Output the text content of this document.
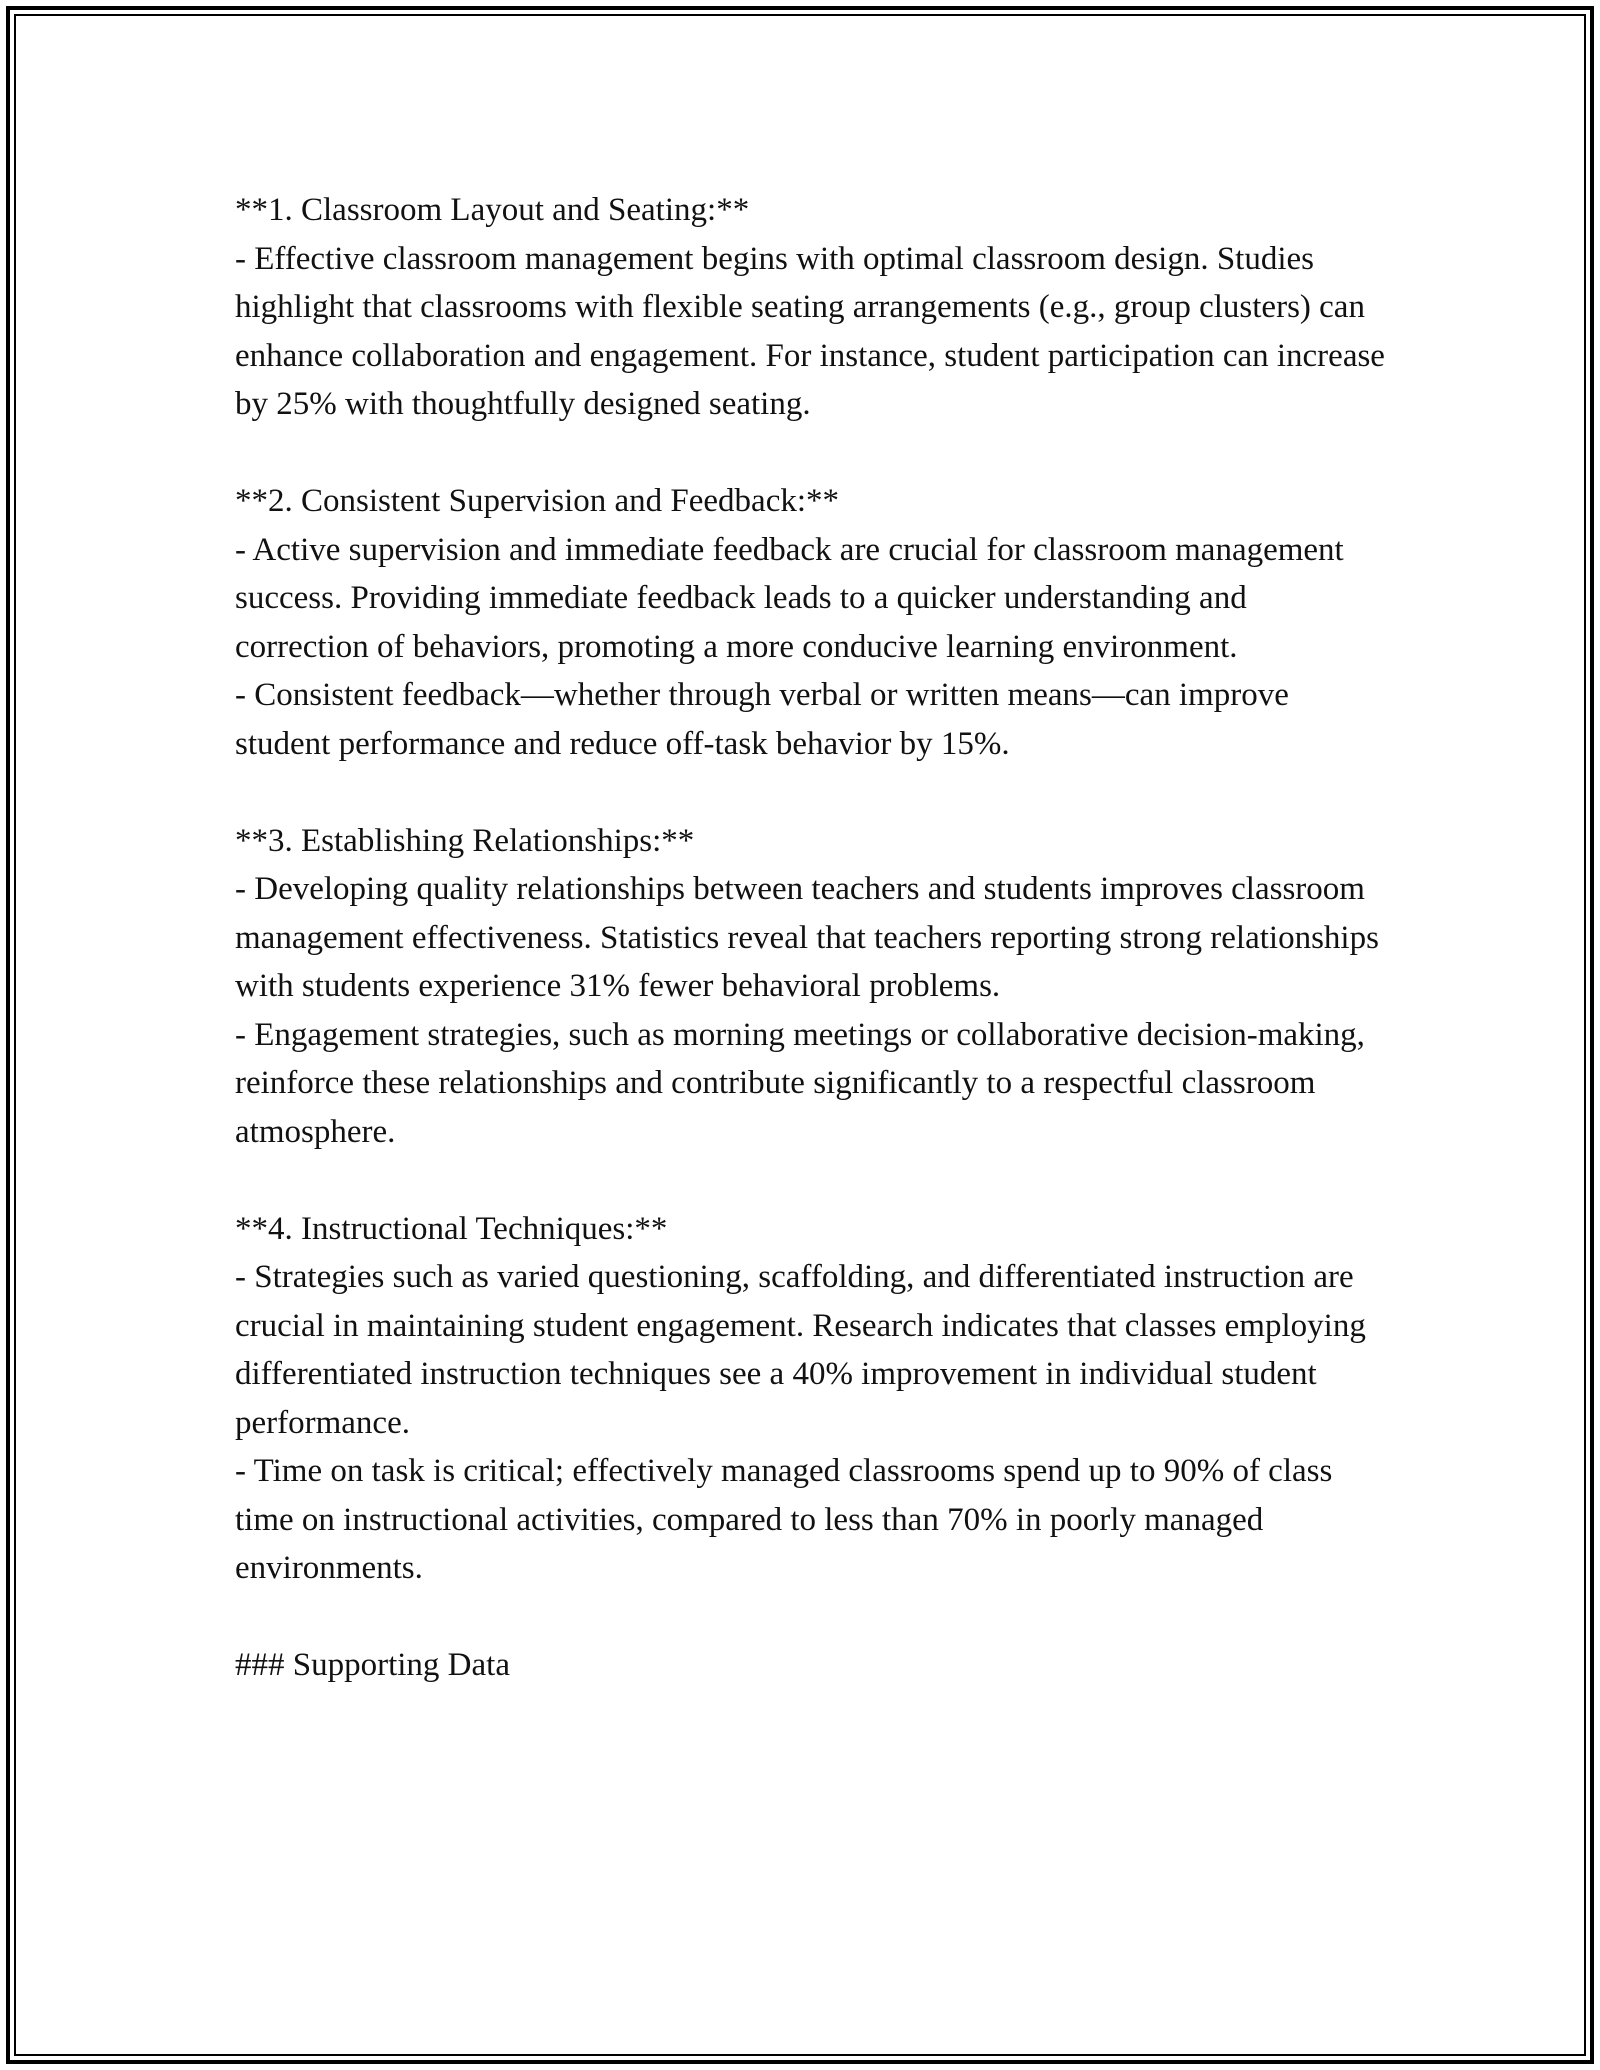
**1. Classroom Layout and Seating:**

- Effective classroom management begins with optimal classroom design. Studies highlight that classrooms with flexible seating arrangements (e.g., group clusters) can enhance collaboration and engagement. For instance, student participation can increase by 25% with thoughtfully designed seating.

**2. Consistent Supervision and Feedback:**

- Active supervision and immediate feedback are crucial for classroom management success. Providing immediate feedback leads to a quicker understanding and correction of behaviors, promoting a more conducive learning environment.

- Consistent feedback—whether through verbal or written means—can improve student performance and reduce off-task behavior by 15%.

**3. Establishing Relationships:**

- Developing quality relationships between teachers and students improves classroom management effectiveness. Statistics reveal that teachers reporting strong relationships with students experience 31% fewer behavioral problems.

- Engagement strategies, such as morning meetings or collaborative decision-making, reinforce these relationships and contribute significantly to a respectful classroom atmosphere.

**4. Instructional Techniques:**

- Strategies such as varied questioning, scaffolding, and differentiated instruction are crucial in maintaining student engagement. Research indicates that classes employing differentiated instruction techniques see a 40% improvement in individual student performance.

- Time on task is critical; effectively managed classrooms spend up to 90% of class time on instructional activities, compared to less than 70% in poorly managed environments.

### Supporting Data
